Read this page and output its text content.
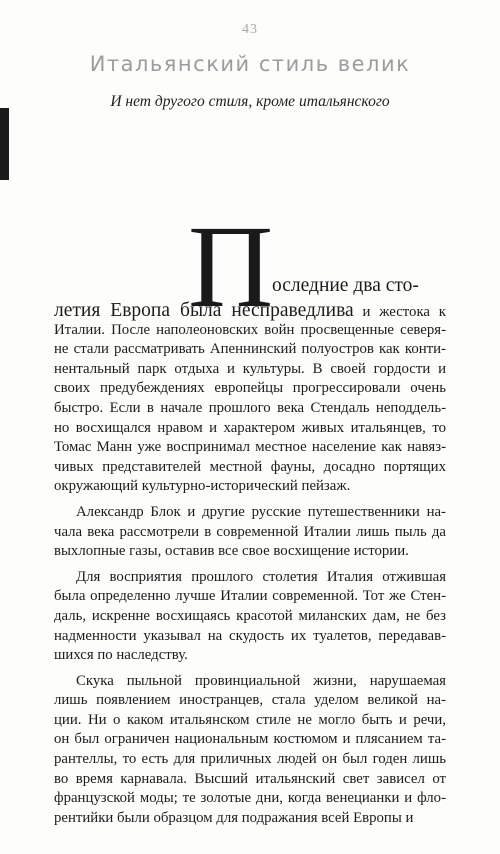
43
Итальянский стиль велик
И нет другого стиля, кроме итальянского
П
оследние два сто-
летия Европа была несправедлива и жестока к
Италии. После наполеоновских войн просвещенные северя-
не стали рассматривать Апеннинский полуостров как конти-
нентальный парк отдыха и культуры. В своей гордости и
своих предубеждениях европейцы прогрессировали очень
быстро. Если в начале прошлого века Стендаль неподдель-
но восхищался нравом и характером живых итальянцев, то
Томас Манн уже воспринимал местное население как навяз-
чивых представителей местной фауны, досадно портящих
окружающий культурно-исторический пейзаж.
Александр Блок и другие русские путешественники на-
чала века рассмотрели в современной Италии лишь пыль да
выхлопные газы, оставив все свое восхищение истории.
Для восприятия прошлого столетия Италия отжившая
была определенно лучше Италии современной. Тот же Стен-
даль, искренне восхищаясь красотой миланских дам, не без
надменности указывал на скудость их туалетов, передавав-
шихся по наследству.
Скука пыльной провинциальной жизни, нарушаемая
лишь появлением иностранцев, стала уделом великой на-
ции. Ни о каком итальянском стиле не могло быть и речи,
он был ограничен национальным костюмом и плясанием та-
рантеллы, то есть для приличных людей он был годен лишь
во время карнавала. Высший итальянский свет зависел от
французской моды; те золотые дни, когда венецианки и фло-
рентийки были образцом для подражания всей Европы и
